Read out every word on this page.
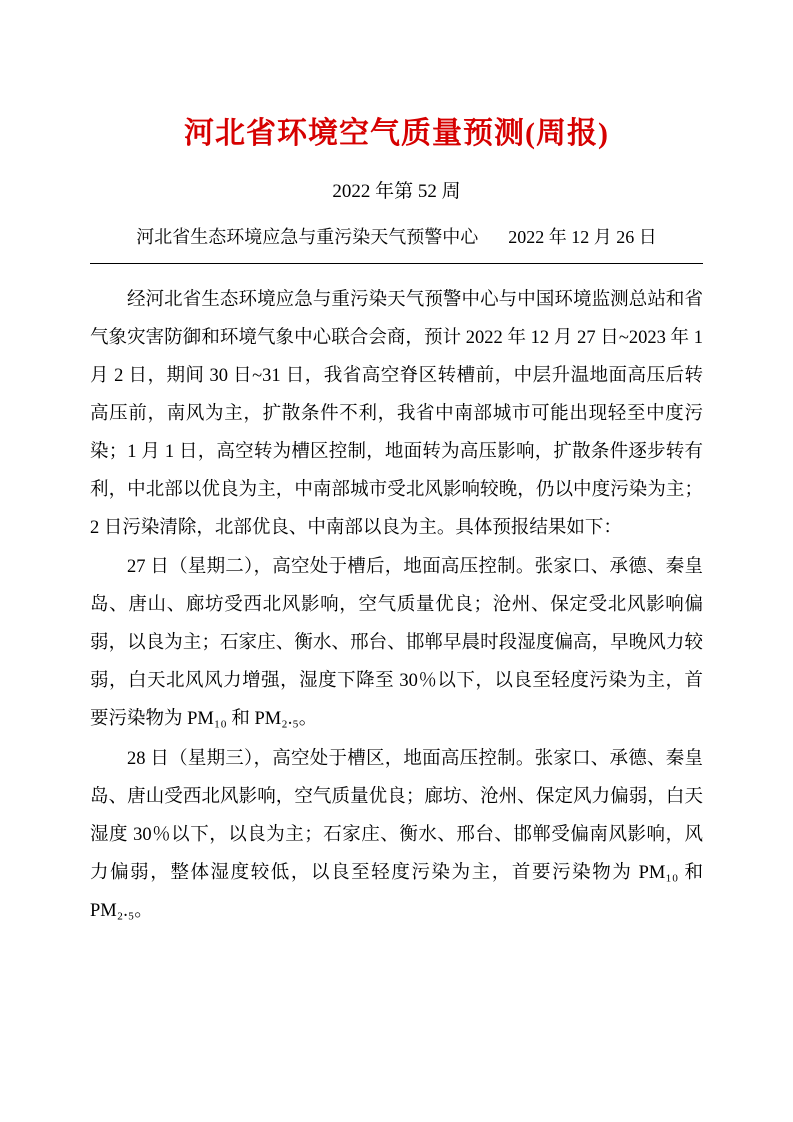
河北省环境空气质量预测(周报)
2022 年第 52 周
河北省生态环境应急与重污染天气预警中心 2022 年 12 月 26 日

经河北省生态环境应急与重污染天气预警中心与中国环境监测总站和省气象灾害防御和环境气象中心联合会商，预计 2022 年 12 月 27 日~2023 年 1 月 2 日，期间 30 日~31 日，我省高空脊区转槽前，中层升温地面高压后转高压前，南风为主，扩散条件不利，我省中南部城市可能出现轻至中度污染；1 月 1 日，高空转为槽区控制，地面转为高压影响，扩散条件逐步转有利，中北部以优良为主，中南部城市受北风影响较晚，仍以中度污染为主；2 日污染清除，北部优良、中南部以良为主。具体预报结果如下：

27 日（星期二），高空处于槽后，地面高压控制。张家口、承德、秦皇岛、唐山、廊坊受西北风影响，空气质量优良；沧州、保定受北风影响偏弱，以良为主；石家庄、衡水、邢台、邯郸早晨时段湿度偏高，早晚风力较弱，白天北风风力增强，湿度下降至 30％以下，以良至轻度污染为主，首要污染物为 PM₁₀ 和 PM₂.₅。

28 日（星期三），高空处于槽区，地面高压控制。张家口、承德、秦皇岛、唐山受西北风影响，空气质量优良；廊坊、沧州、保定风力偏弱，白天湿度 30％以下，以良为主；石家庄、衡水、邢台、邯郸受偏南风影响，风力偏弱，整体湿度较低，以良至轻度污染为主，首要污染物为 PM₁₀ 和 PM₂.₅。
